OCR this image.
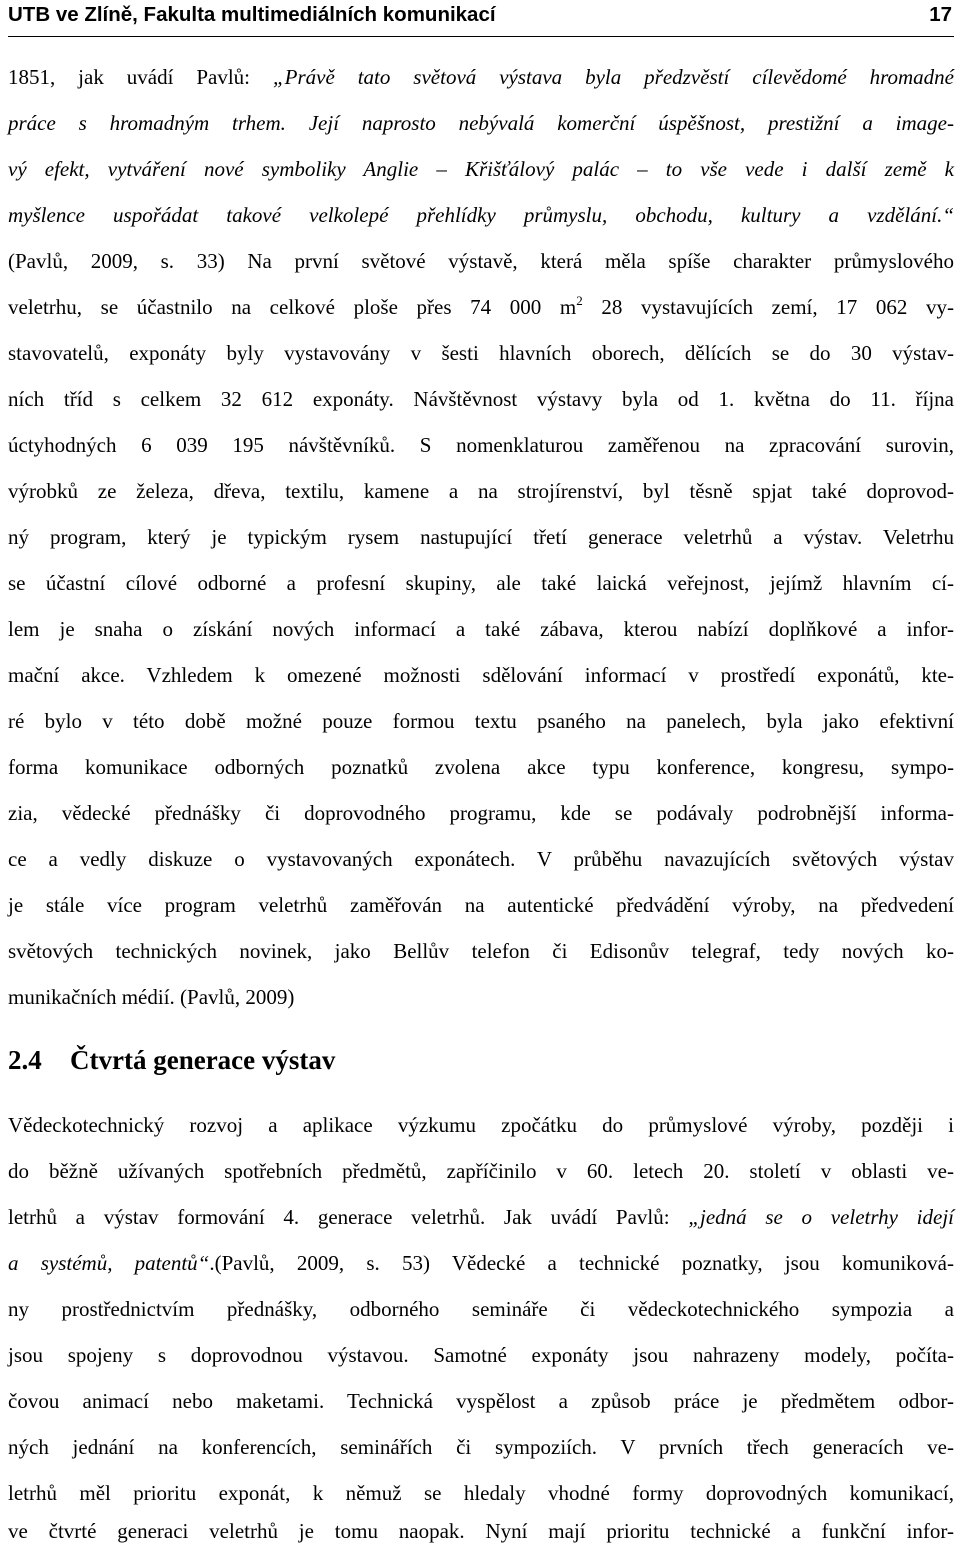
UTB ve Zlíně, Fakulta multimediálních komunikací	17
1851, jak uvádí Pavlů: „Právě tato světová výstava byla předzvěstí cílevědomé hromadné
práce s hromadným trhem. Její naprosto nebývalá komerční úspěšnost, prestižní a image-
vý efekt, vytváření nové symboliky Anglie – Křišťálový palác – to vše vede i další země k
myšlence uspořádat takové velkolepé přehlídky průmyslu, obchodu, kultury a vzdělání.“
(Pavlů, 2009, s. 33) Na první světové výstavě, která měla spíše charakter průmyslového
veletrhu, se účastnilo na celkové ploše přes 74 000 $m^2$ 28 vystavujících zemí, 17 062 vy-
stavovatelů, exponáty byly vystavovány v šesti hlavních oborech, dělících se do 30 výstav-
ních tříd s celkem 32 612 exponáty. Návštěvnost výstavy byla od 1. května do 11. října
úctyhodných 6 039 195 návštěvníků. S nomenklaturou zaměřenou na zpracování surovin,
výrobků ze železa, dřeva, textilu, kamene a na strojírenství, byl těsně spjat také doprovod-
ný program, který je typickým rysem nastupující třetí generace veletrhů a výstav. Veletrhu
se účastní cílové odborné a profesní skupiny, ale také laická veřejnost, jejímž hlavním cí-
lem je snaha o získání nových informací a také zábava, kterou nabízí doplňkové a infor-
mační akce. Vzhledem k omezené možnosti sdělování informací v prostředí exponátů, kte-
ré bylo v této době možné pouze formou textu psaného na panelech, byla jako efektivní
forma komunikace odborných poznatků zvolena akce typu konference, kongresu, sympo-
zia, vědecké přednášky či doprovodného programu, kde se podávaly podrobnější informa-
ce a vedly diskuze o vystavovaných exponátech. V průběhu navazujících světových výstav
je stále více program veletrhů zaměřován na autentické předvádění výroby, na předvedení
světových technických novinek, jako Bellův telefon či Edisonův telegraf, tedy nových ko-
munikačních médií. (Pavlů, 2009)
2.4 Čtvrtá generace výstav
Vědeckotechnický rozvoj a aplikace výzkumu zpočátku do průmyslové výroby, později i
do běžně užívaných spotřebních předmětů, zapříčinilo v 60. letech 20. století v oblasti ve-
letrhů a výstav formování 4. generace veletrhů. Jak uvádí Pavlů: „jedná se o veletrhy idejí
a systémů, patentů“.(Pavlů, 2009, s. 53) Vědecké a technické poznatky, jsou komuniková-
ny prostřednictvím přednášky, odborného semináře či vědeckotechnického sympozia a
jsou spojeny s doprovodnou výstavou. Samotné exponáty jsou nahrazeny modely, počíta-
čovou animací nebo maketami. Technická vyspělost a způsob práce je předmětem odbor-
ných jednání na konferencích, seminářích či sympoziích. V prvních třech generacích ve-
letrhů měl prioritu exponát, k němuž se hledaly vhodné formy doprovodných komunikací,
ve čtvrté generaci veletrhů je tomu naopak. Nyní mají prioritu technické a funkční infor-
